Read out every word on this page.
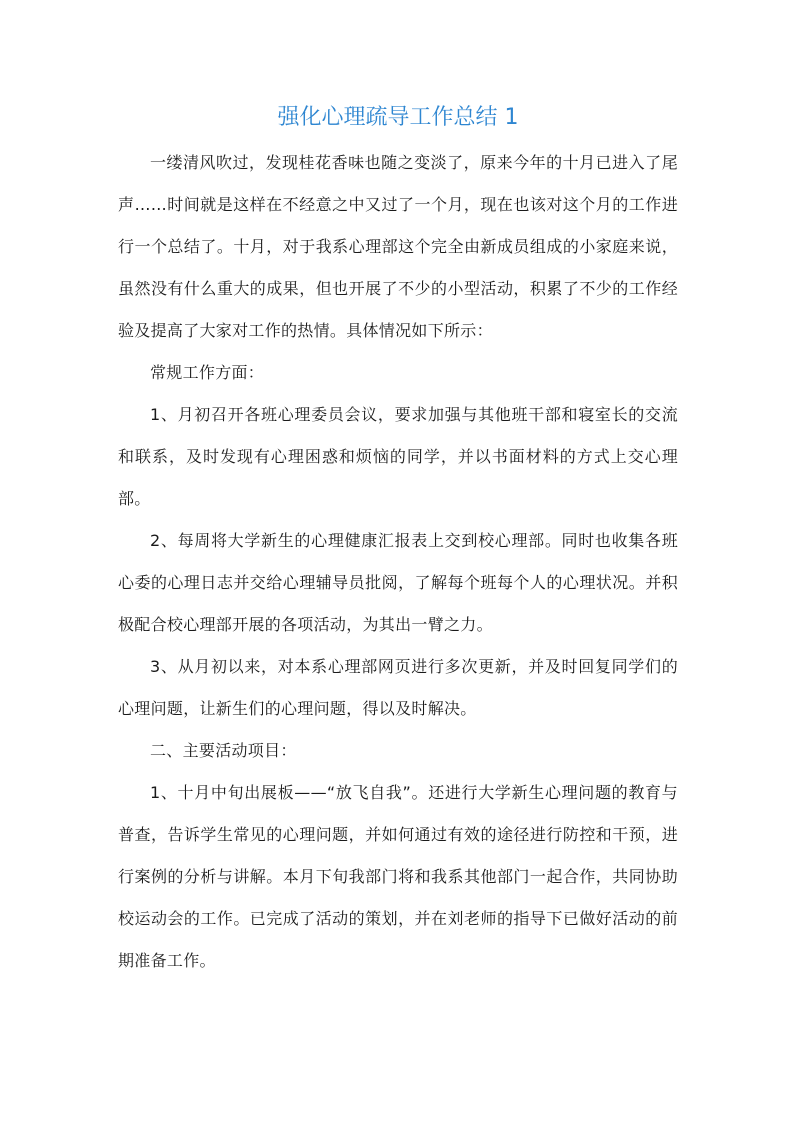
强化心理疏导工作总结 1

一缕清风吹过，发现桂花香味也随之变淡了，原来今年的十月已进入了尾声……时间就是这样在不经意之中又过了一个月，现在也该对这个月的工作进行一个总结了。十月，对于我系心理部这个完全由新成员组成的小家庭来说，虽然没有什么重大的成果，但也开展了不少的小型活动，积累了不少的工作经验及提高了大家对工作的热情。具体情况如下所示：

常规工作方面：

1、月初召开各班心理委员会议，要求加强与其他班干部和寝室长的交流和联系，及时发现有心理困惑和烦恼的同学，并以书面材料的方式上交心理部。

2、每周将大学新生的心理健康汇报表上交到校心理部。同时也收集各班心委的心理日志并交给心理辅导员批阅，了解每个班每个人的心理状况。并积极配合校心理部开展的各项活动，为其出一臂之力。

3、从月初以来，对本系心理部网页进行多次更新，并及时回复同学们的心理问题，让新生们的心理问题，得以及时解决。

二、主要活动项目：

1、十月中旬出展板——“放飞自我”。还进行大学新生心理问题的教育与普查，告诉学生常见的心理问题，并如何通过有效的途径进行防控和干预，进行案例的分析与讲解。本月下旬我部门将和我系其他部门一起合作，共同协助校运动会的工作。已完成了活动的策划，并在刘老师的指导下已做好活动的前期准备工作。
